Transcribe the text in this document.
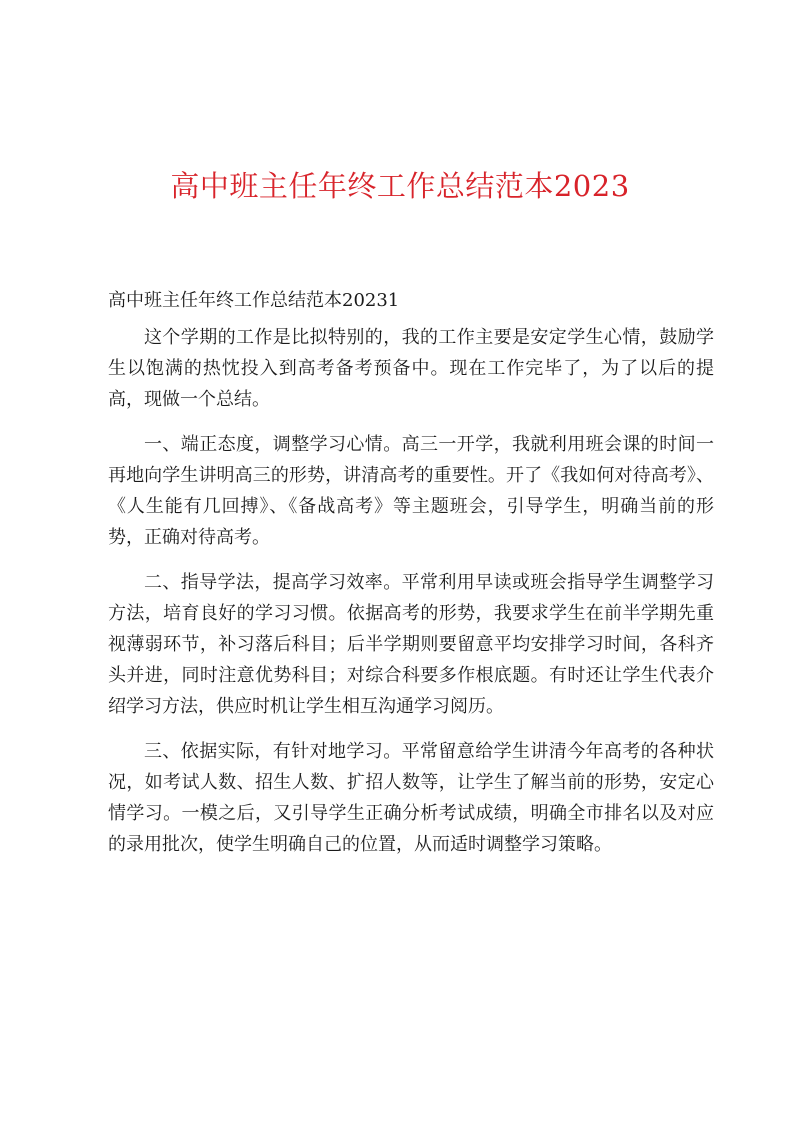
高中班主任年终工作总结范本2023

高中班主任年终工作总结范本20231

这个学期的工作是比拟特别的，我的工作主要是安定学生心情，鼓励学生以饱满的热忱投入到高考备考预备中。现在工作完毕了，为了以后的提高，现做一个总结。

一、端正态度，调整学习心情。高三一开学，我就利用班会课的时间一再地向学生讲明高三的形势，讲清高考的重要性。开了《我如何对待高考》、《人生能有几回搏》、《备战高考》等主题班会，引导学生，明确当前的形势，正确对待高考。

二、指导学法，提高学习效率。平常利用早读或班会指导学生调整学习方法，培育良好的学习习惯。依据高考的形势，我要求学生在前半学期先重视薄弱环节，补习落后科目；后半学期则要留意平均安排学习时间，各科齐头并进，同时注意优势科目；对综合科要多作根底题。有时还让学生代表介绍学习方法，供应时机让学生相互沟通学习阅历。

三、依据实际，有针对地学习。平常留意给学生讲清今年高考的各种状况，如考试人数、招生人数、扩招人数等，让学生了解当前的形势，安定心情学习。一模之后，又引导学生正确分析考试成绩，明确全市排名以及对应的录用批次，使学生明确自己的位置，从而适时调整学习策略。
